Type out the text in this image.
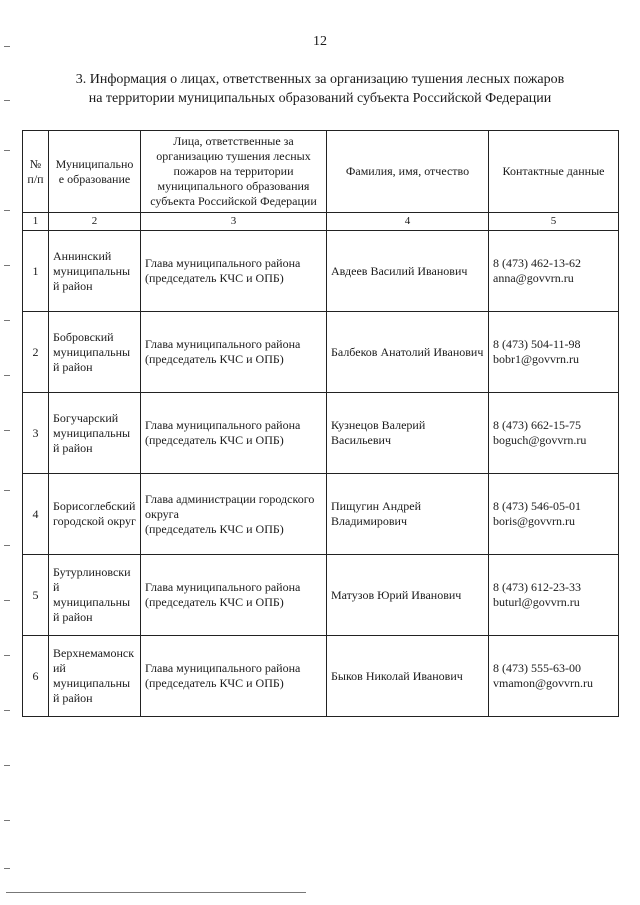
12
3. Информация о лицах, ответственных за организацию тушения лесных пожаров
на территории муниципальных образований субъекта Российской Федерации
№ п/п	Муниципальное образование	Лица, ответственные за организацию тушения лесных пожаров на территории муниципального образования субъекта Российской Федерации	Фамилия, имя, отчество	Контактные данные
1	2	3	4	5
1	Аннинский муниципальный район	Глава муниципального района
(председатель КЧС и ОПБ)	Авдеев Василий Иванович	8 (473) 462-13-62
anna@govvrn.ru

2	Бобровский муниципальный район	Глава муниципального района
(председатель КЧС и ОПБ)	Балбеков Анатолий Иванович	8 (473) 504-11-98
bobr1@govvrn.ru

3	Богучарский муниципальный район	Глава муниципального района
(председатель КЧС и ОПБ)	Кузнецов Валерий Васильевич	8 (473) 662-15-75
boguch@govvrn.ru

4	Борисоглебский городской округ	Глава администрации городского округа
(председатель КЧС и ОПБ)	Пищугин Андрей Владимирович	8 (473) 546-05-01
boris@govvrn.ru

5	Бутурлиновский муниципальный район	Глава муниципального района
(председатель КЧС и ОПБ)	Матузов Юрий Иванович	8 (473) 612-23-33
buturl@govvrn.ru

6	Верхнемамонский муниципальный район	Глава муниципального района
(председатель КЧС и ОПБ)	Быков Николай Иванович	8 (473) 555-63-00
vmamon@govvrn.ru
